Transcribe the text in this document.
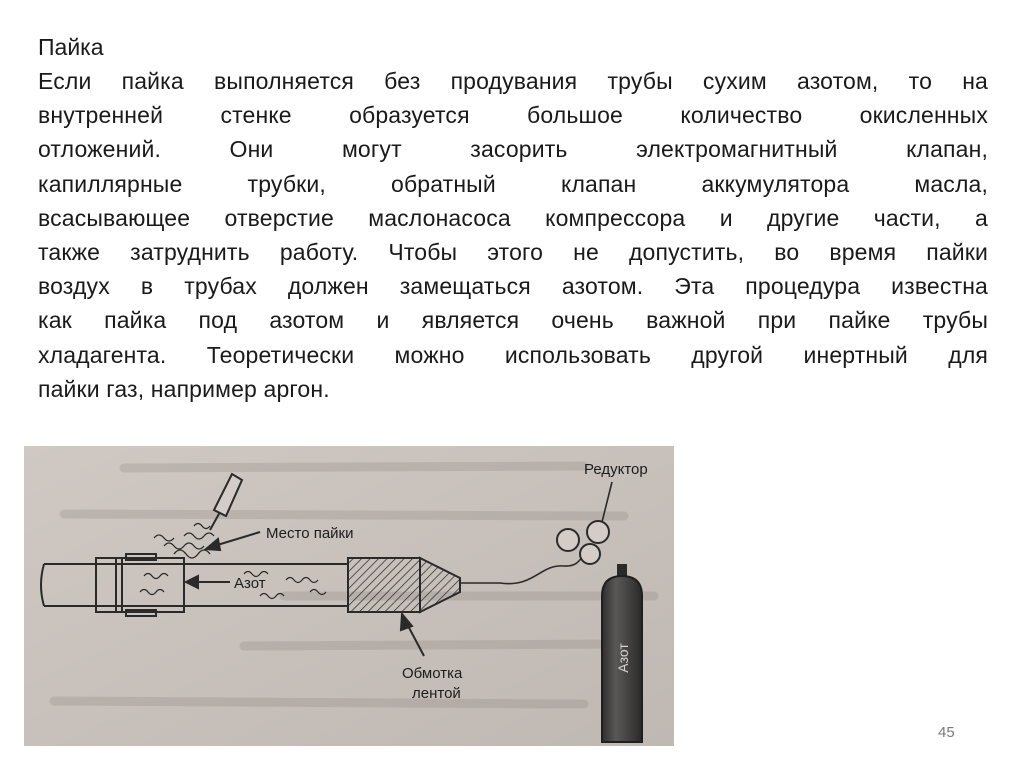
Пайка
Если пайка выполняется без продувания трубы сухим азотом, то на
внутренней стенке образуется большое количество окисленных
отложений. Они могут засорить электромагнитный клапан,
капиллярные трубки, обратный клапан аккумулятора масла,
всасывающее отверстие маслонасоса компрессора и другие части, а
также затруднить работу. Чтобы этого не допустить, во время пайки
воздух в трубах должен замещаться азотом. Эта процедура известна
как пайка под азотом и является очень важной при пайке трубы
хладагента. Теоретически можно использовать другой инертный для
пайки газ, например аргон.
Редуктор
Место пайки
Азот
Обмотка
лентой
Азот
45
